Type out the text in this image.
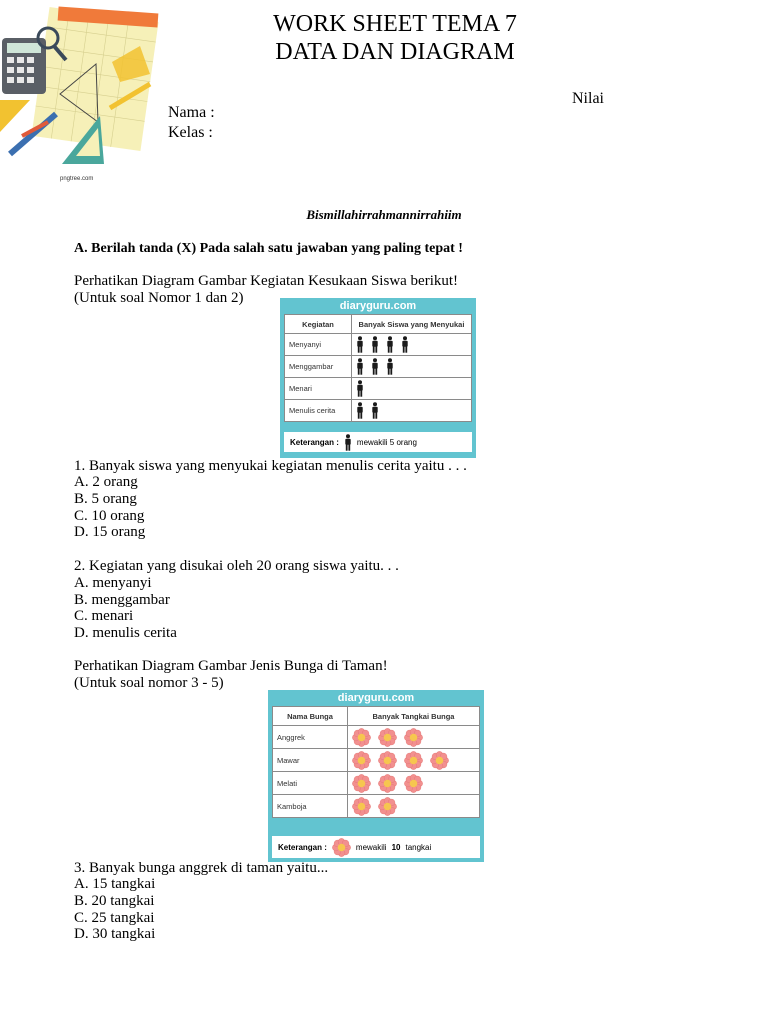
pngtree.com
WORK SHEET TEMA 7
DATA DAN DIAGRAM
Nilai
Nama :
Kelas :
Bismillahirrahmannirrahiim
A. Berilah tanda (X) Pada salah satu jawaban yang paling tepat !
Perhatikan Diagram Gambar Kegiatan Kesukaan Siswa berikut!
(Untuk soal Nomor 1 dan 2)	diaryguru.com
Kegiatan	Banyak Siswa yang Menyukai
Menyanyi	

Menggambar	

Menari	

Menulis cerita	
Keterangan : mewakili 5 orang
1. Banyak siswa yang menyukai kegiatan menulis cerita yaitu . . .
A. 2 orang
B. 5 orang
C. 10 orang
D. 15 orang
2. Kegiatan yang disukai oleh 20 orang siswa yaitu. . .
A. menyanyi
B. menggambar
C. menari
D. menulis cerita
Perhatikan Diagram Gambar Jenis Bunga di Taman!
(Untuk soal nomor 3 - 5)
diaryguru.com
Nama Bunga	Banyak Tangkai Bunga
Anggrek	

Mawar	

Melati	

Kamboja	
Keterangan :	mewakili 10 tangkai
3. Banyak bunga anggrek di taman yaitu...
A. 15 tangkai
B. 20 tangkai
C. 25 tangkai
D. 30 tangkai
